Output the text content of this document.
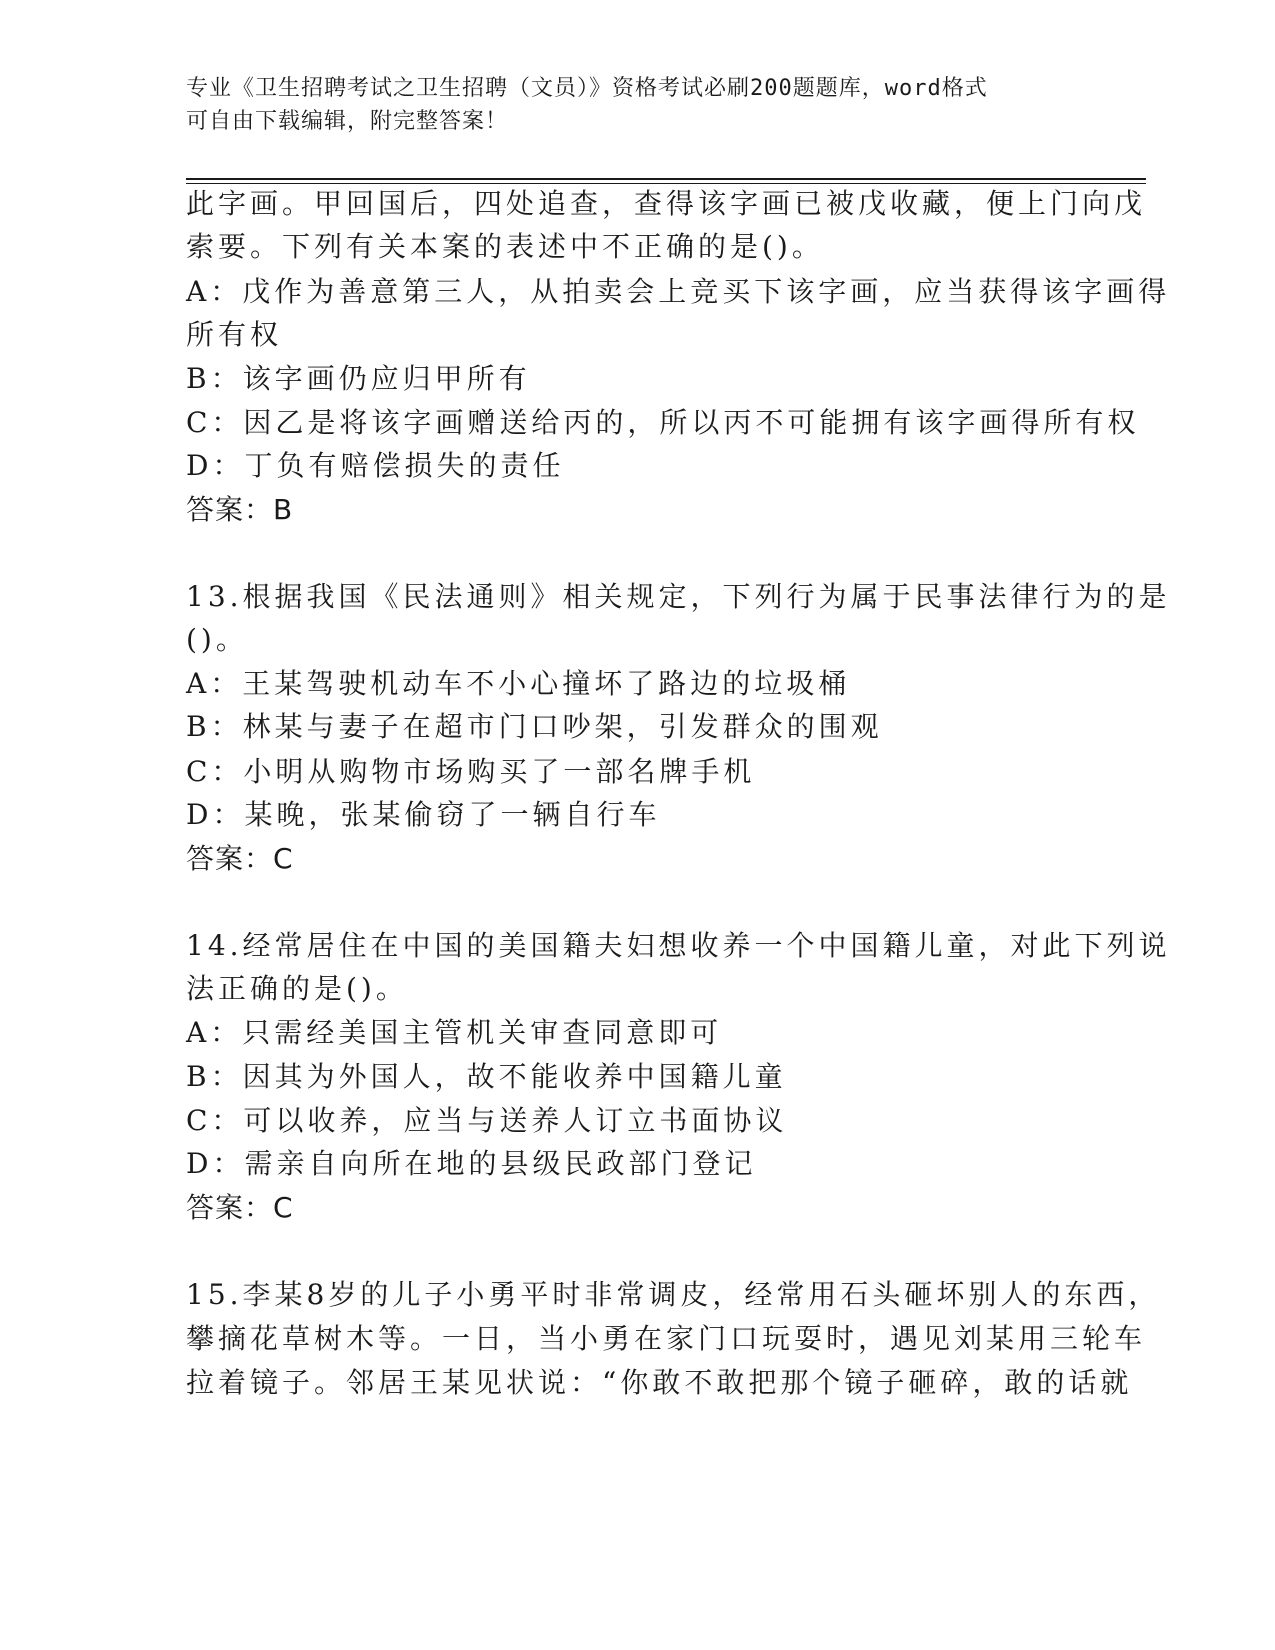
专业《卫生招聘考试之卫生招聘（文员）》资格考试必刷200题题库，word格式
可自由下载编辑，附完整答案！
此字画。甲回国后，四处追查，查得该字画已被戊收藏，便上门向戊
索要。下列有关本案的表述中不正确的是()。
A：戊作为善意第三人，从拍卖会上竞买下该字画，应当获得该字画得
所有权
B：该字画仍应归甲所有
C：因乙是将该字画赠送给丙的，所以丙不可能拥有该字画得所有权
D：丁负有赔偿损失的责任
答案：B
13.根据我国《民法通则》相关规定，下列行为属于民事法律行为的是
()。
A：王某驾驶机动车不小心撞坏了路边的垃圾桶
B：林某与妻子在超市门口吵架，引发群众的围观
C：小明从购物市场购买了一部名牌手机
D：某晚，张某偷窃了一辆自行车
答案：C
14.经常居住在中国的美国籍夫妇想收养一个中国籍儿童，对此下列说
法正确的是()。
A：只需经美国主管机关审查同意即可
B：因其为外国人，故不能收养中国籍儿童
C：可以收养，应当与送养人订立书面协议
D：需亲自向所在地的县级民政部门登记
答案：C
15.李某8岁的儿子小勇平时非常调皮，经常用石头砸坏别人的东西，
攀摘花草树木等。一日，当小勇在家门口玩耍时，遇见刘某用三轮车
拉着镜子。邻居王某见状说：“你敢不敢把那个镜子砸碎，敢的话就
